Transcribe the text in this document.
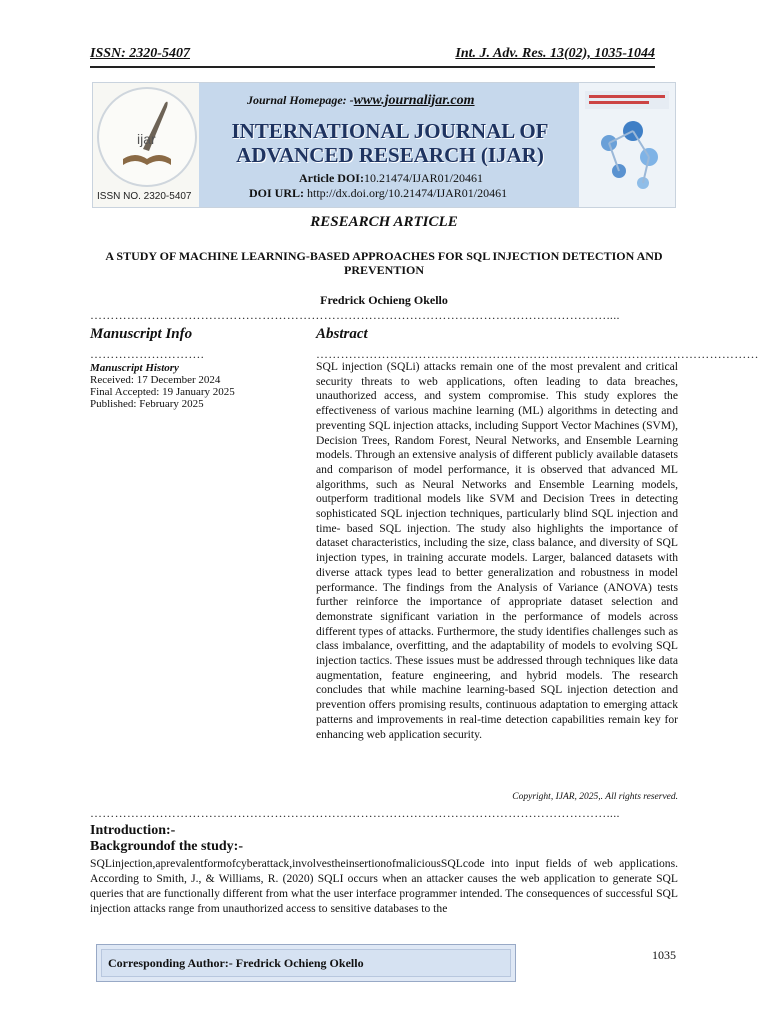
ISSN: 2320-5407	Int. J. Adv. Res. 13(02), 1035-1044
ijar
ISSN NO. 2320-5407
Journal Homepage: -www.journalijar.com
INTERNATIONAL JOURNAL OF
ADVANCED RESEARCH (IJAR)
Article DOI:10.21474/IJAR01/20461
DOI URL: http://dx.doi.org/10.21474/IJAR01/20461
RESEARCH ARTICLE
A STUDY OF MACHINE LEARNING-BASED APPROACHES FOR SQL INJECTION DETECTION AND PREVENTION
Fredrick Ochieng Okello
………………………………………………………………………………………………………………....
Manuscript Info	Abstract
……………………….	………………………………………………………………………………………………
Manuscript History
Received: 17 December 2024
Final Accepted: 19 January 2025
Published: February 2025
SQL injection (SQLi) attacks remain one of the most prevalent and critical security threats to web applications, often leading to data breaches, unauthorized access, and system compromise. This study explores the effectiveness of various machine learning (ML) algorithms in detecting and preventing SQL injection attacks, including Support Vector Machines (SVM), Decision Trees, Random Forest, Neural Networks, and Ensemble Learning models. Through an extensive analysis of different publicly available datasets and comparison of model performance, it is observed that advanced ML algorithms, such as Neural Networks and Ensemble Learning models, outperform traditional models like SVM and Decision Trees in detecting sophisticated SQL injection techniques, particularly blind SQL injection and time- based SQL injection. The study also highlights the importance of dataset characteristics, including the size, class balance, and diversity of SQL injection types, in training accurate models. Larger, balanced datasets with diverse attack types lead to better generalization and robustness in model performance. The findings from the Analysis of Variance (ANOVA) tests further reinforce the importance of appropriate dataset selection and demonstrate significant variation in the performance of models across different types of attacks. Furthermore, the study identifies challenges such as class imbalance, overfitting, and the adaptability of models to evolving SQL injection tactics. These issues must be addressed through techniques like data augmentation, feature engineering, and hybrid models. The research concludes that while machine learning-based SQL injection detection and prevention offers promising results, continuous adaptation to emerging attack patterns and improvements in real-time detection capabilities remain key for enhancing web application security.
Copyright, IJAR, 2025,. All rights reserved.
………………………………………………………………………………………………………………....
Introduction:-
Backgroundof the study:-
SQLinjection,aprevalentformofcyberattack,involvestheinsertionofmaliciousSQLcode into input fields of web applications. According to Smith, J., & Williams, R. (2020) SQLI occurs when an attacker causes the web application to generate SQL queries that are functionally different from what the user interface programmer intended. The consequences of successful SQL injection attacks range from unauthorized access to sensitive databases to the
Corresponding Author:- Fredrick Ochieng Okello
1035
